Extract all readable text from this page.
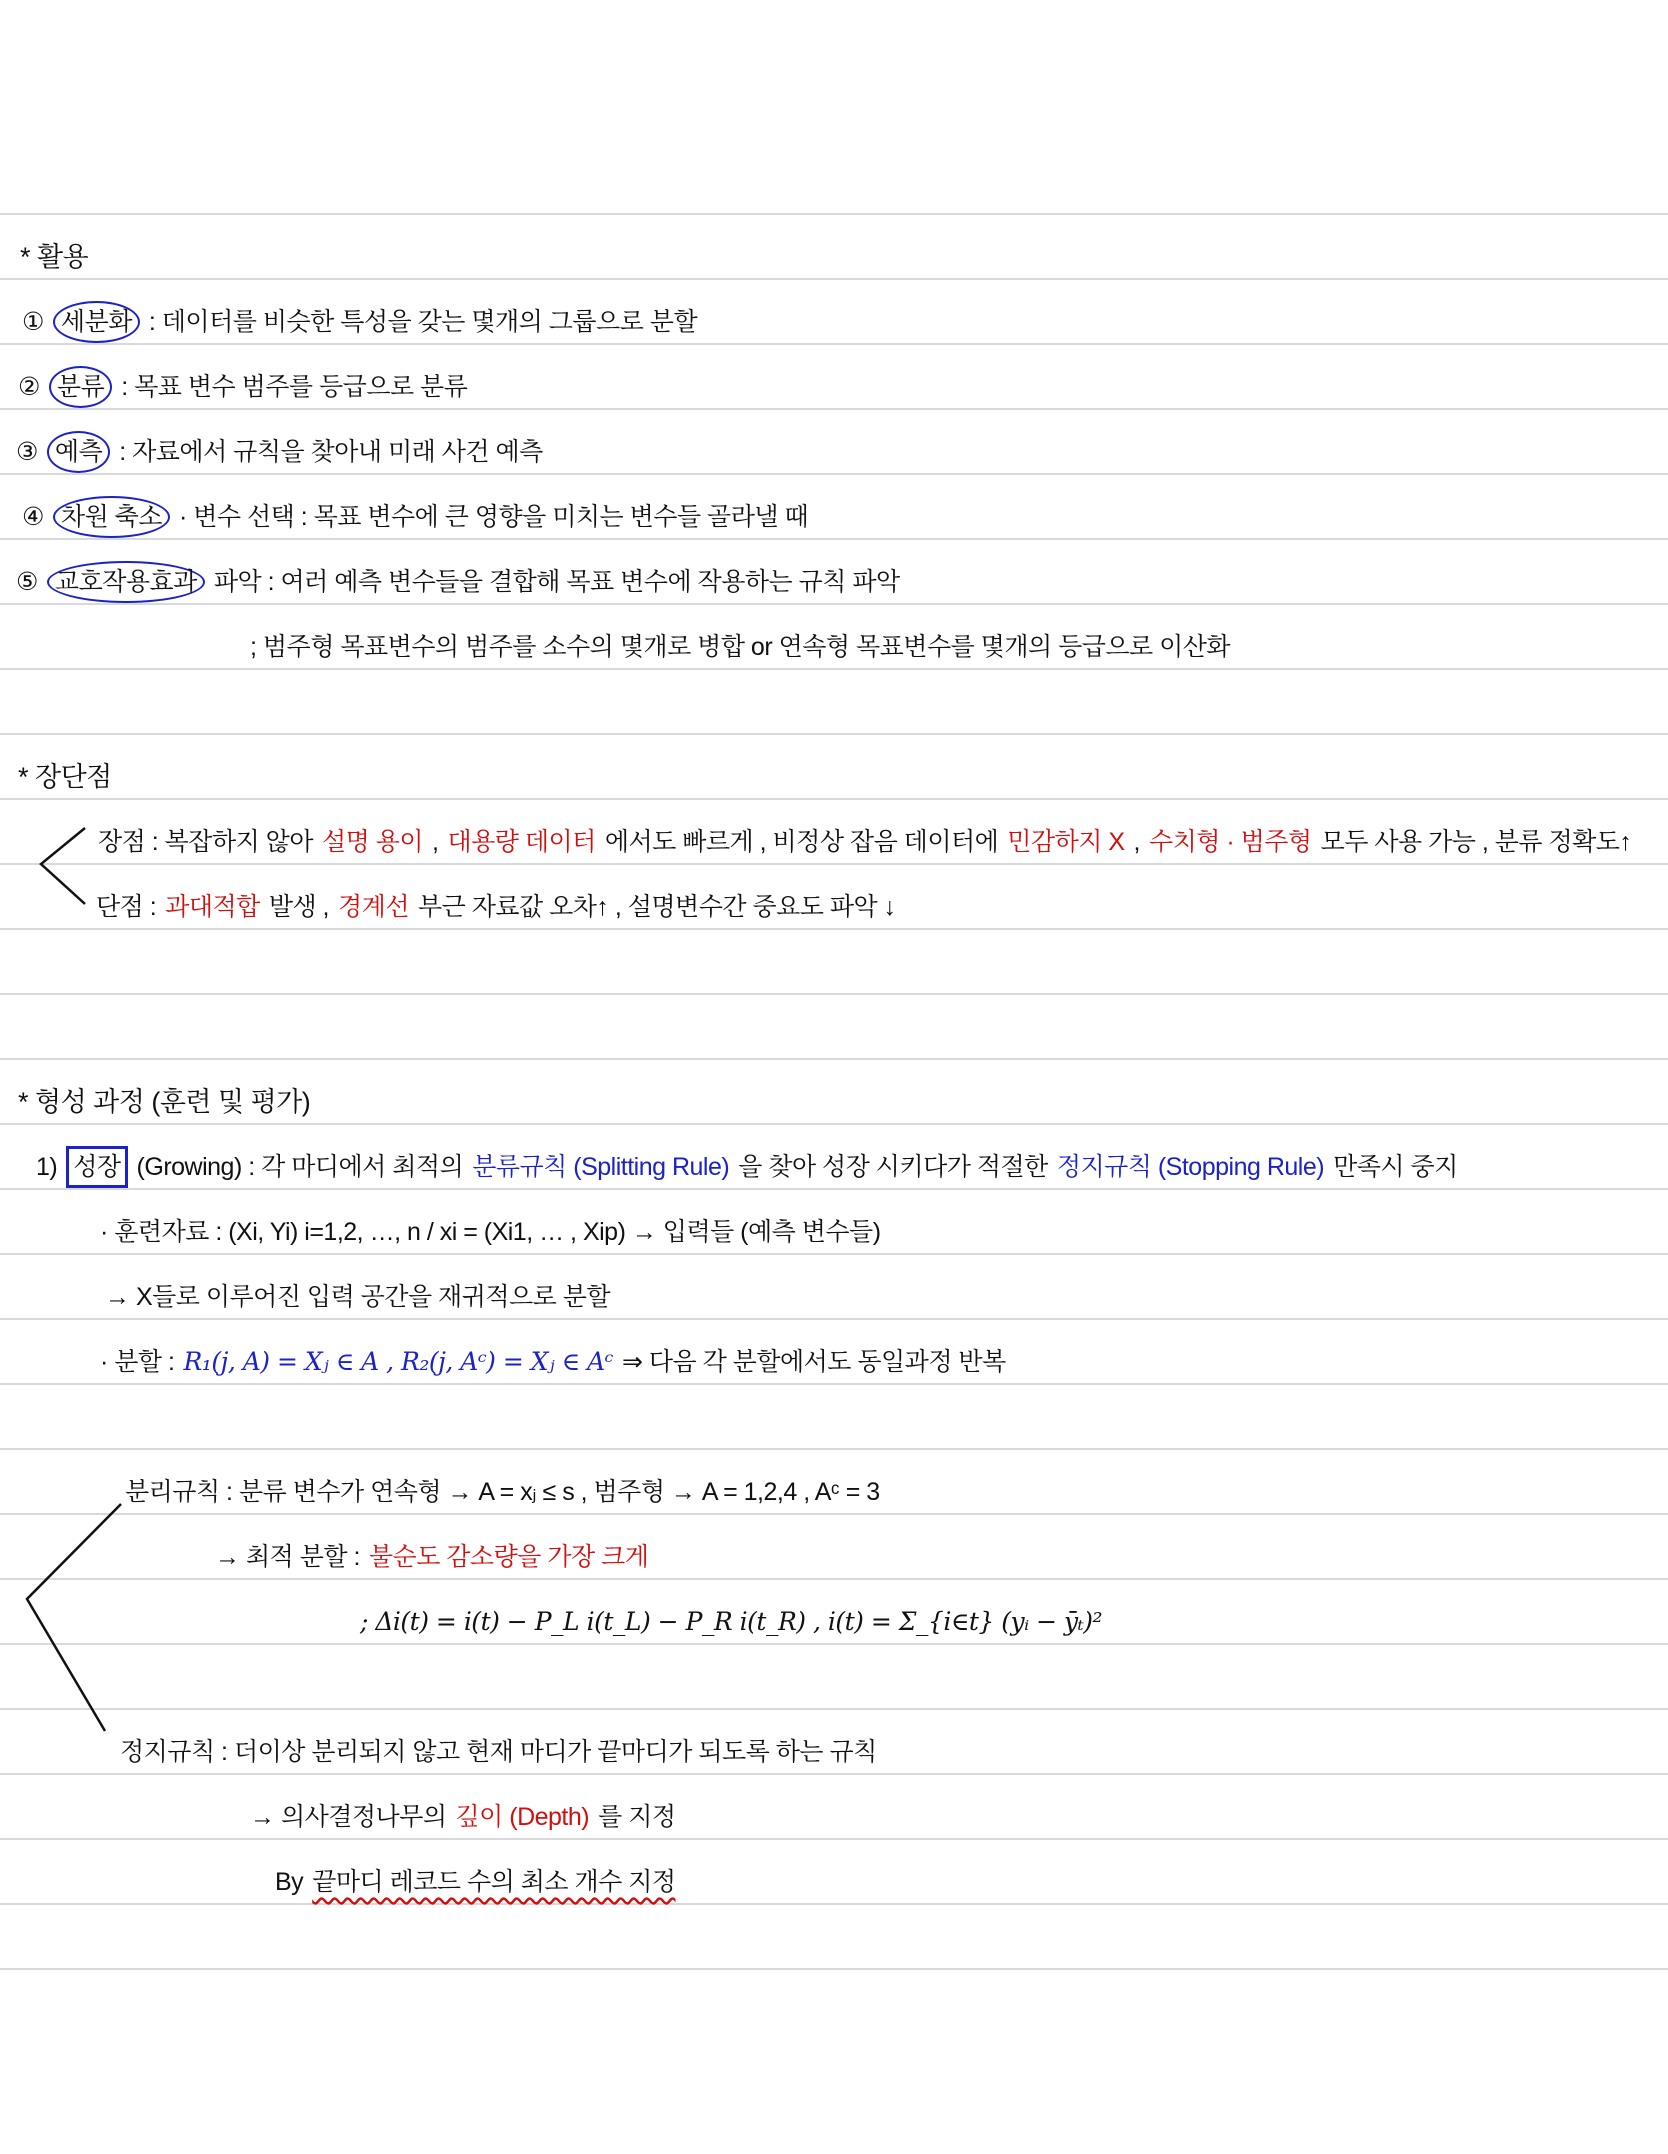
* 활용
① 세분화 : 데이터를 비슷한 특성을 갖는 몇개의 그룹으로 분할
② 분류 : 목표 변수 범주를 등급으로 분류
③ 예측 : 자료에서 규칙을 찾아내 미래 사건 예측
④ 차원 축소 · 변수 선택 : 목표 변수에 큰 영향을 미치는 변수들 골라낼 때
⑤ 교호작용효과 파악 : 여러 예측 변수들을 결합해 목표 변수에 작용하는 규칙 파악
; 범주형 목표변수의 범주를 소수의 몇개로 병합 or 연속형 목표변수를 몇개의 등급으로 이산화
* 장단점
장점 : 복잡하지 않아 설명 용이 , 대용량 데이터 에서도 빠르게 , 비정상 잡음 데이터에 민감하지 X , 수치형 · 범주형 모두 사용 가능 , 분류 정확도↑
단점 : 과대적합 발생 , 경계선 부근 자료값 오차↑ , 설명변수간 중요도 파악 ↓
* 형성 과정 (훈련 및 평가)
1) 성장 (Growing) : 각 마디에서 최적의 분류규칙 (Splitting Rule) 을 찾아 성장 시키다가 적절한 정지규칙 (Stopping Rule) 만족시 중지
· 훈련자료 : (Xi, Yi) i=1,2, …, n / xi = (Xi1, … , Xip) → 입력들 (예측 변수들)
→ X들로 이루어진 입력 공간을 재귀적으로 분할
· 분할 : R₁(j, A) = Xⱼ ∈ A , R₂(j, Aᶜ) = Xⱼ ∈ Aᶜ ⇒ 다음 각 분할에서도 동일과정 반복
분리규칙 : 분류 변수가 연속형 → A = xⱼ ≤ s , 범주형 → A = 1,2,4 , Aᶜ = 3
→ 최적 분할 : 불순도 감소량을 가장 크게
; Δi(t) = i(t) − P_L i(t_L) − P_R i(t_R) , i(t) = Σ_{i∈t} (yᵢ − ȳₜ)²
정지규칙 : 더이상 분리되지 않고 현재 마디가 끝마디가 되도록 하는 규칙
→ 의사결정나무의 깊이 (Depth) 를 지정
By 끝마디 레코드 수의 최소 개수 지정
